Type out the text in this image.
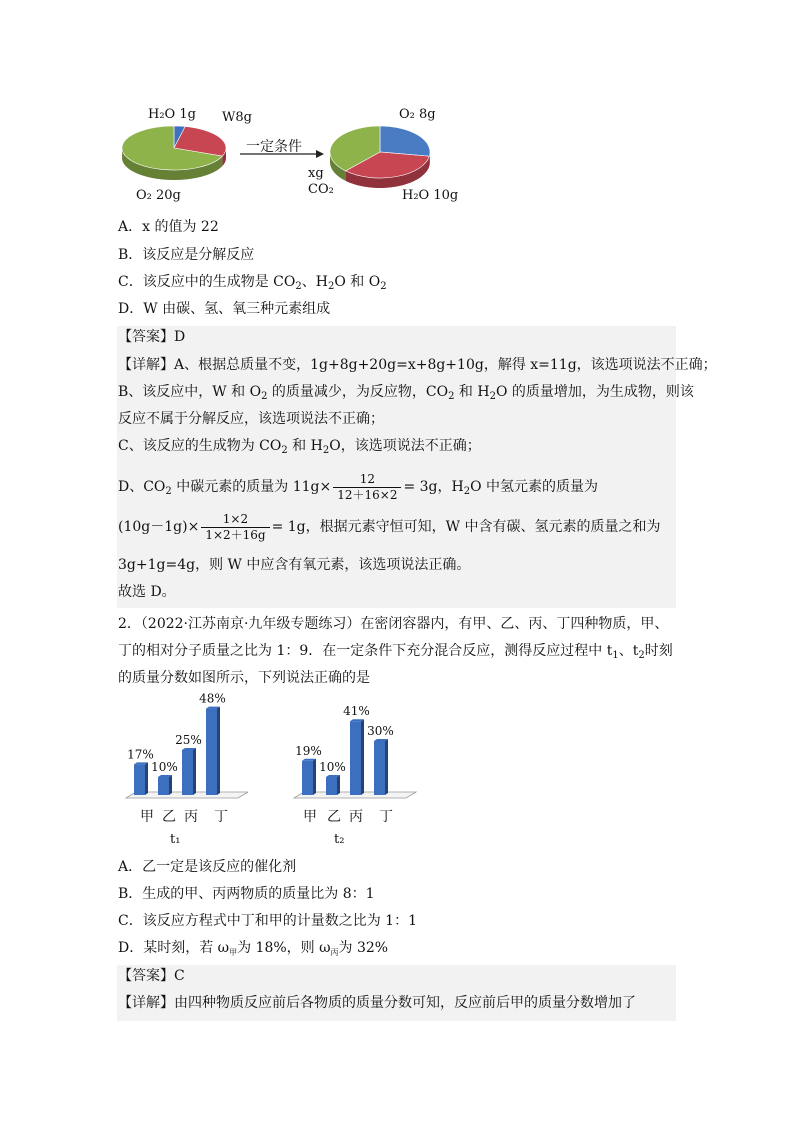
H₂O 1g W8g
O₂ 20g
一定条件
O₂ 8g
xg
CO₂	H₂O 10g
A．x 的值为 22
B．该反应是分解反应
C．该反应中的生成物是 $CO_2$、$H_2O$ 和 $O_2$
D．W 由碳、氢、氧三种元素组成
【答案】D
【详解】A、根据总质量不变，1g+8g+20g=x+8g+10g，解得 x=11g，该选项说法不正确；
B、该反应中，W 和 $O_2$ 的质量减少，为反应物，$CO_2$ 和 $H_2O$ 的质量增加，为生成物，则该
反应不属于分解反应，该选项说法不正确；
C、该反应的生成物为 $CO_2$ 和 $H_2O$，该选项说法不正确；
D、$CO_2$ 中碳元素的质量为 $11g\times \frac{12}{12+16\times 2} = 3g$，$H_2O$ 中氢元素的质量为
$(10g-1g)\times \frac{1\times 2}{1\times 2+16g} = 1g$，根据元素守恒可知，W 中含有碳、氢元素的质量之和为
3g+1g=4g，则 W 中应含有氧元素，该选项说法正确。
故选 D。
2．（2022·江苏南京·九年级专题练习）在密闭容器内，有甲、乙、丙、丁四种物质，甲、
丁的相对分子质量之比为 1：9．在一定条件下充分混合反应，测得反应过程中 $t_1$、$t_2$时刻
的质量分数如图所示，下列说法正确的是
17%
10%
25%
48%
甲 乙 丙 丁
t₁
19%
10%
41%
30%
甲 乙 丙 丁
t₂
A．乙一定是该反应的催化剂
B．生成的甲、丙两物质的质量比为 8：1
C．该反应方程式中丁和甲的计量数之比为 1：1
D．某时刻，若 $\omega_甲$为 18%，则 $\omega_丙$为 32%
【答案】C
【详解】由四种物质反应前后各物质的质量分数可知，反应前后甲的质量分数增加了
